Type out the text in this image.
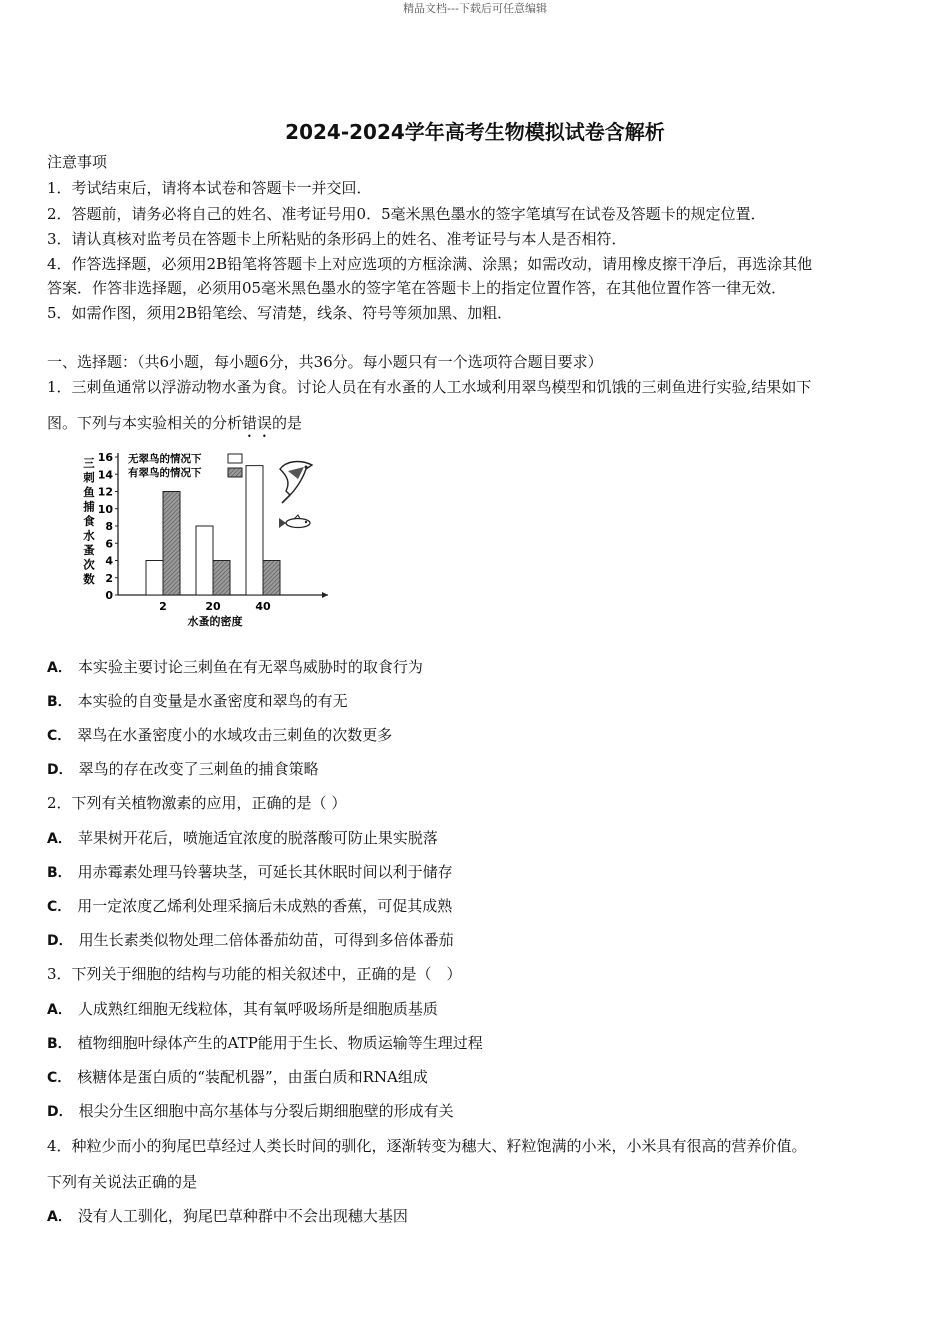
精品文档---下载后可任意编辑
2024-2024学年高考生物模拟试卷含解析
注意事项
1．考试结束后，请将本试卷和答题卡一并交回．
2．答题前，请务必将自己的姓名、准考证号用0．5毫米黑色墨水的签字笔填写在试卷及答题卡的规定位置．
3．请认真核对监考员在答题卡上所粘贴的条形码上的姓名、准考证号与本人是否相符．
4．作答选择题，必须用2B铅笔将答题卡上对应选项的方框涂满、涂黑；如需改动，请用橡皮擦干净后，再选涂其他
答案．作答非选择题，必须用05毫米黑色墨水的签字笔在答题卡上的指定位置作答，在其他位置作答一律无效．
5．如需作图，须用2B铅笔绘、写清楚，线条、符号等须加黑、加粗．
一、选择题：（共6小题，每小题6分，共36分。每小题只有一个选项符合题目要求）
1．三刺鱼通常以浮游动物水蚤为食。讨论人员在有水蚤的人工水域利用翠鸟模型和饥饿的三刺鱼进行实验,结果如下
图。下列与本实验相关的分析错误的是
三
刺
鱼
捕
食
水
蚤
次
数
0
2
4
6
8
10
12
14
16
2	20	40
无翠鸟的情况下
有翠鸟的情况下
水蚤的密度
A． 本实验主要讨论三刺鱼在有无翠鸟威胁时的取食行为
B． 本实验的自变量是水蚤密度和翠鸟的有无
C． 翠鸟在水蚤密度小的水域攻击三刺鱼的次数更多
D． 翠鸟的存在改变了三刺鱼的捕食策略
2．下列有关植物激素的应用，正确的是（ ）
A． 苹果树开花后，喷施适宜浓度的脱落酸可防止果实脱落
B． 用赤霉素处理马铃薯块茎，可延长其休眠时间以利于储存
C． 用一定浓度乙烯利处理采摘后未成熟的香蕉，可促其成熟
D． 用生长素类似物处理二倍体番茄幼苗，可得到多倍体番茄
3．下列关于细胞的结构与功能的相关叙述中，正确的是（　）
A． 人成熟红细胞无线粒体，其有氧呼吸场所是细胞质基质
B． 植物细胞叶绿体产生的ATP能用于生长、物质运输等生理过程
C． 核糖体是蛋白质的“装配机器”，由蛋白质和RNA组成
D． 根尖分生区细胞中高尔基体与分裂后期细胞壁的形成有关
4．种粒少而小的狗尾巴草经过人类长时间的驯化，逐渐转变为穗大、籽粒饱满的小米，小米具有很高的营养价值。
下列有关说法正确的是
A． 没有人工驯化，狗尾巴草种群中不会出现穗大基因
